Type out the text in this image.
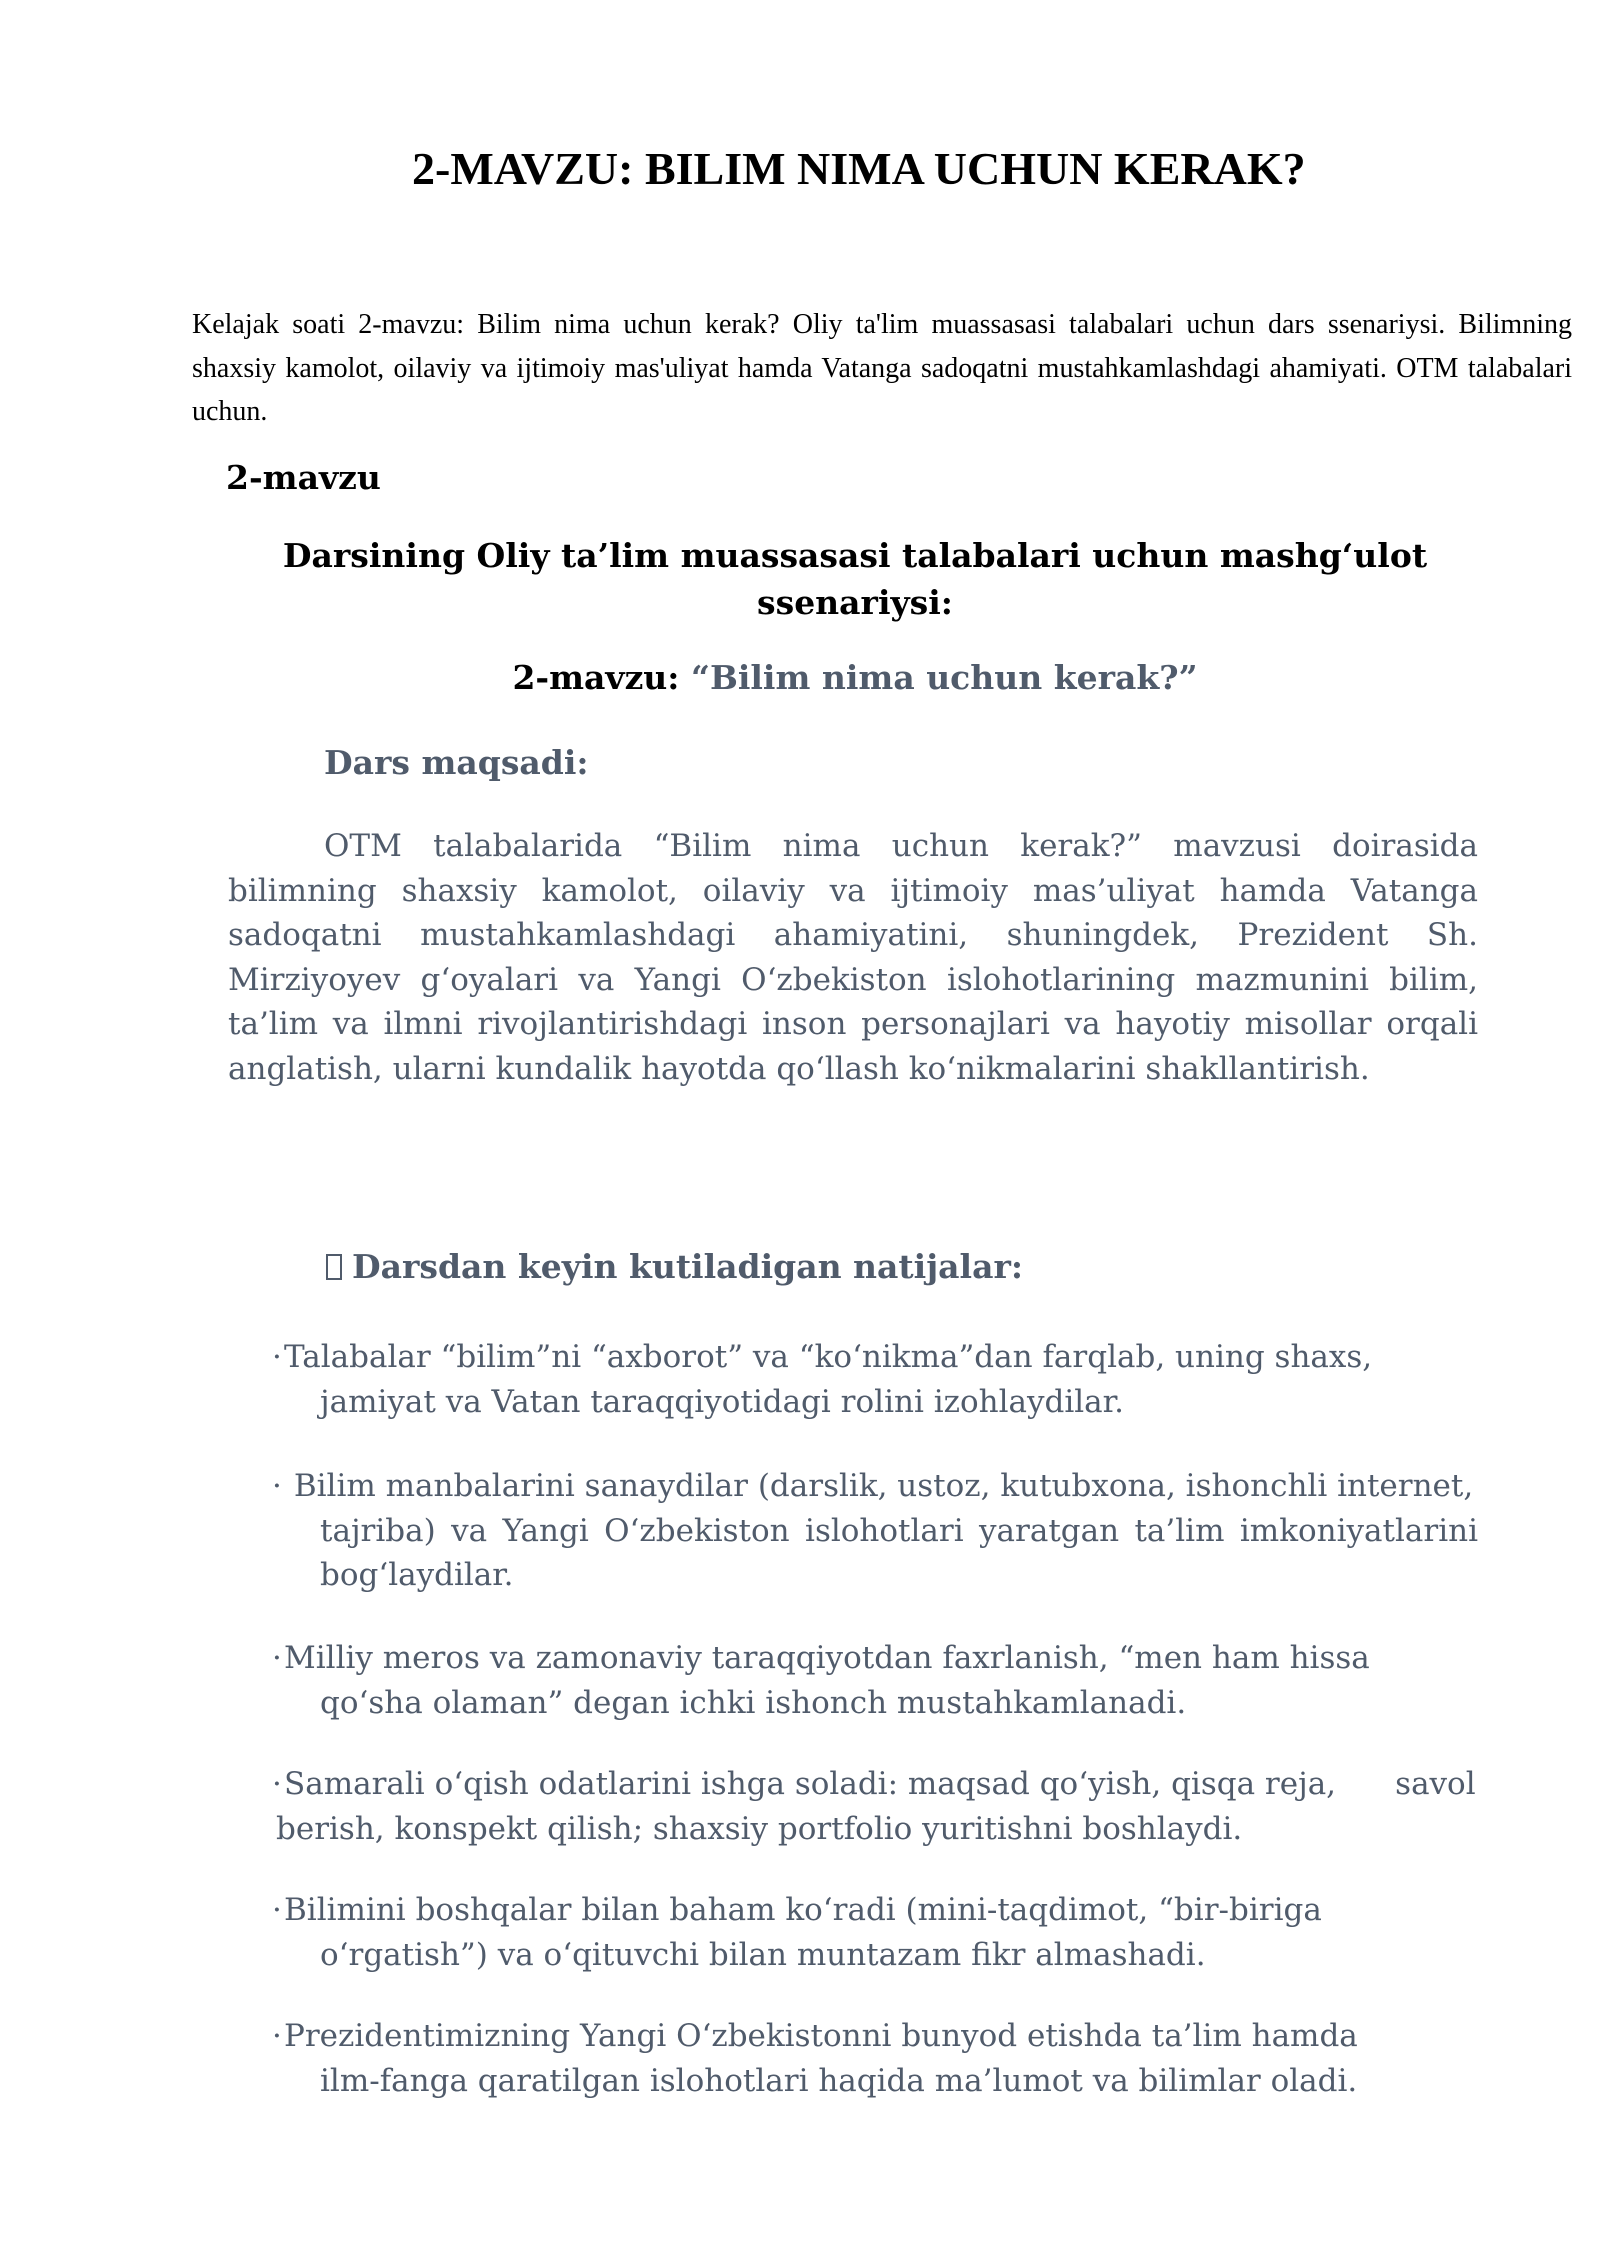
2-MAVZU: BILIM NIMA UCHUN KERAK?
Kelajak soati 2-mavzu: Bilim nima uchun kerak? Oliy ta'lim muassasasi talabalari uchun dars ssenariysi. Bilimning shaxsiy kamolot, oilaviy va ijtimoiy mas'uliyat hamda Vatanga sadoqatni mustahkamlashdagi ahamiyati. OTM talabalari uchun.
2-mavzu
Darsining Oliy ta’lim muassasasi talabalari uchun mashg‘ulot ssenariysi:
2-mavzu: “Bilim nima uchun kerak?”
Dars maqsadi:
OTM talabalarida “Bilim nima uchun kerak?” mavzusi doirasida bilimning shaxsiy kamolot, oilaviy va ijtimoiy mas’uliyat hamda Vatanga sadoqatni mustahkamlashdagi ahamiyatini, shuningdek, Prezident Sh. Mirziyoyev g‘oyalari va Yangi O‘zbekiston islohotlarining mazmunini bilim, ta’lim va ilmni rivojlantirishdagi inson personajlari va hayotiy misollar orqali anglatish, ularni kundalik hayotda qo‘llash ko‘nikmalarini shakllantirish.
Darsdan keyin kutiladigan natijalar:
·Talabalar “bilim”ni “axborot” va “ko‘nikma”dan farqlab, uning shaxs,
jamiyat va Vatan taraqqiyotidagi rolini izohlaydilar.
· Bilim manbalarini sanaydilar (darslik, ustoz, kutubxona, ishonchli internet,
tajriba) va Yangi O‘zbekiston islohotlari yaratgan ta’lim imkoniyatlarini bog‘laydilar.
·Milliy meros va zamonaviy taraqqiyotdan faxrlanish, “men ham hissa
qo‘sha olaman” degan ichki ishonch mustahkamlanadi.
·Samarali o‘qish odatlarini ishga soladi: maqsad qo‘yish, qisqa reja,      savol
berish, konspekt qilish; shaxsiy portfolio yuritishni boshlaydi.
·Bilimini boshqalar bilan baham ko‘radi (mini-taqdimot, “bir-biriga
o‘rgatish”) va o‘qituvchi bilan muntazam fikr almashadi.
·Prezidentimizning Yangi O‘zbekistonni bunyod etishda ta’lim hamda
ilm-fanga qaratilgan islohotlari haqida ma’lumot va bilimlar oladi.
